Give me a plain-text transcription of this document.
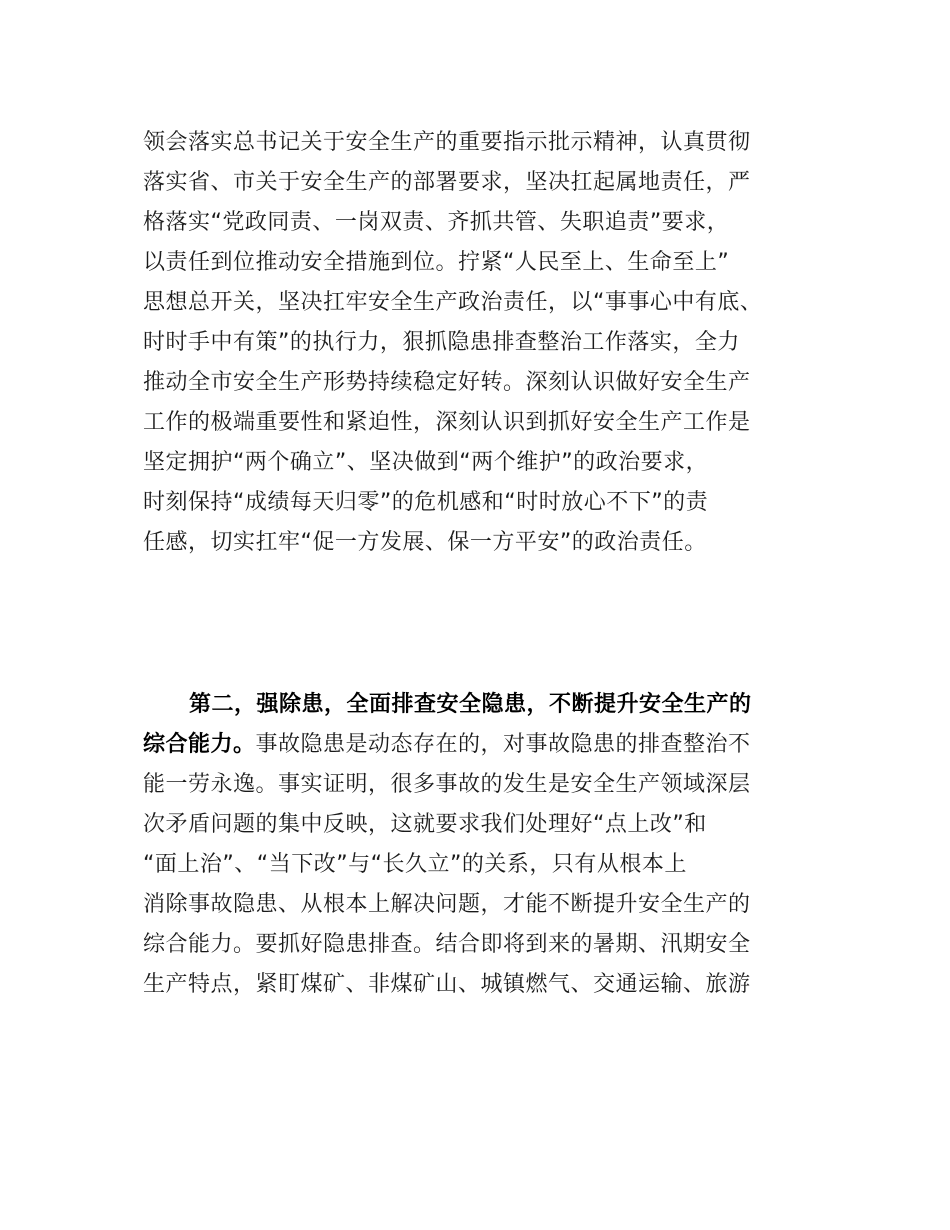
领会落实总书记关于安全生产的重要指示批示精神，认真贯彻
落实省、市关于安全生产的部署要求，坚决扛起属地责任，严
格落实“党政同责、一岗双责、齐抓共管、失职追责”要求，
以责任到位推动安全措施到位。拧紧“人民至上、生命至上”
思想总开关，坚决扛牢安全生产政治责任，以“事事心中有底、
时时手中有策”的执行力，狠抓隐患排查整治工作落实，全力
推动全市安全生产形势持续稳定好转。深刻认识做好安全生产
工作的极端重要性和紧迫性，深刻认识到抓好安全生产工作是
坚定拥护“两个确立”、坚决做到“两个维护”的政治要求，
时刻保持“成绩每天归零”的危机感和“时时放心不下”的责
任感，切实扛牢“促一方发展、保一方平安”的政治责任。
第二，强除患，全面排查安全隐患，不断提升安全生产的
综合能力。事故隐患是动态存在的，对事故隐患的排查整治不
能一劳永逸。事实证明，很多事故的发生是安全生产领域深层
次矛盾问题的集中反映，这就要求我们处理好“点上改”和
“面上治”、“当下改”与“长久立”的关系，只有从根本上
消除事故隐患、从根本上解决问题，才能不断提升安全生产的
综合能力。要抓好隐患排查。结合即将到来的暑期、汛期安全
生产特点，紧盯煤矿、非煤矿山、城镇燃气、交通运输、旅游
